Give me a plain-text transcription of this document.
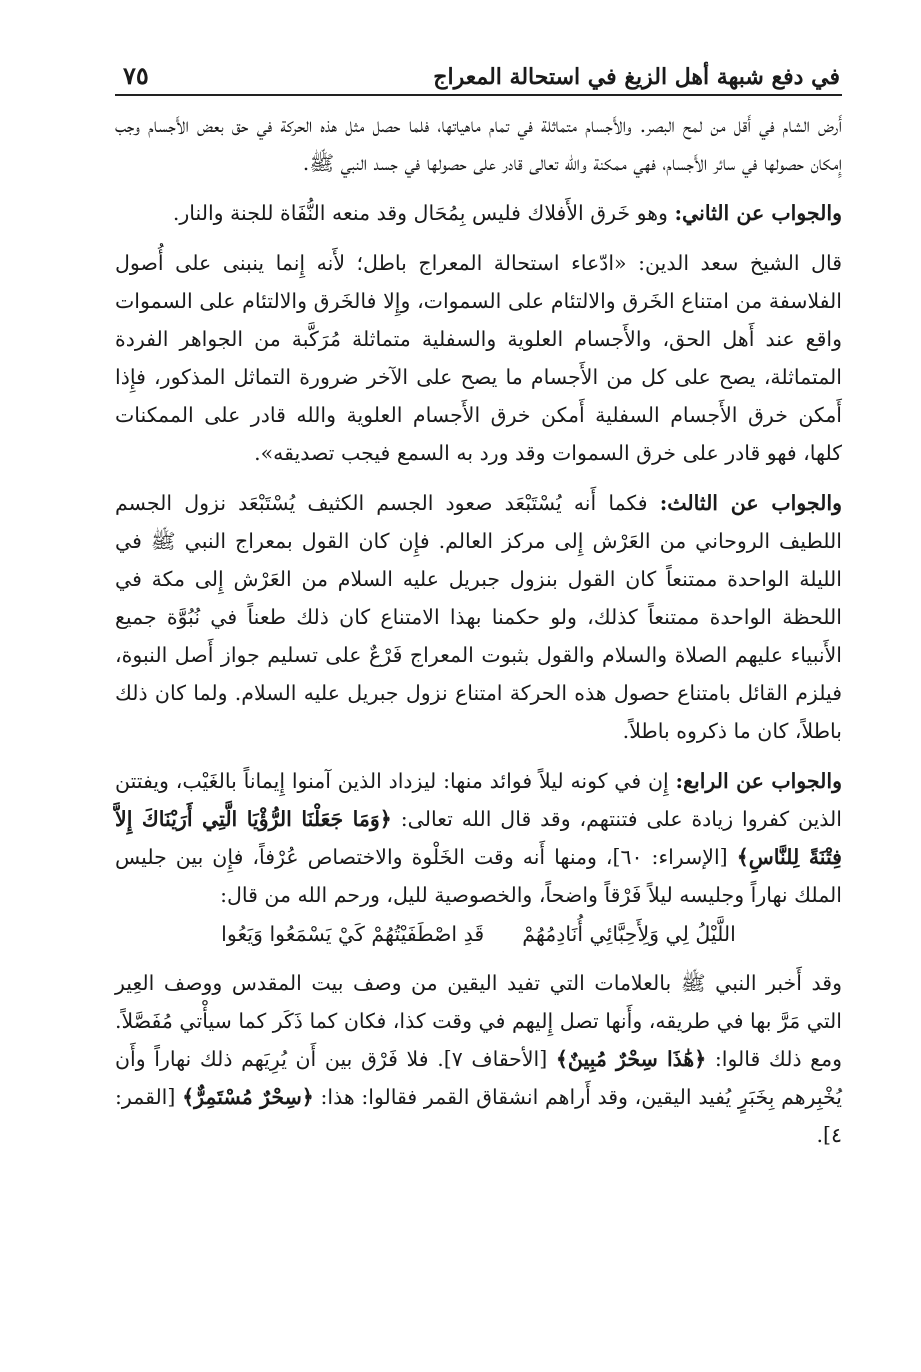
في دفع شبهة أهل الزيغ في استحالة المعراج
٧٥

أَرض الشام في أَقل من لمح البصر. والأَجسام متماثلة في تمام ماهياتها، فلما حصل مثل هذه الحركة في حق بعض الأَجسام وجب إِمكان حصولها في سائر الأَجسام، فهي ممكنة والله تعالى قادر على حصولها في جسد النبي ﷺ.

والجواب عن الثاني: وهو خَرق الأَفلاك فليس بِمُحَال وقد منعه النُّفَاة للجنة والنار.

قال الشيخ سعد الدين: «ادّعاء استحالة المعراج باطل؛ لأَنه إِنما ينبنى على أُصول الفلاسفة من امتناع الخَرق والالتئام على السموات، وإِلا فالخَرق والالتئام على السموات واقع عند أَهل الحق، والأَجسام العلوية والسفلية متماثلة مُرَكَّبة من الجواهر الفردة المتماثلة، يصح على كل من الأَجسام ما يصح على الآخر ضرورة التماثل المذكور، فإِذا أَمكن خرق الأَجسام السفلية أَمكن خرق الأَجسام العلوية والله قادر على الممكنات كلها، فهو قادر على خرق السموات وقد ورد به السمع فيجب تصديقه».

والجواب عن الثالث: فكما أَنه يُسْتَبْعَد صعود الجسم الكثيف يُسْتَبْعَد نزول الجسم اللطيف الروحاني من العَرْش إِلى مركز العالم. فإِن كان القول بمعراج النبي ﷺ في الليلة الواحدة ممتنعاً كان القول بنزول جبريل عليه السلام من العَرْش إِلى مكة في اللحظة الواحدة ممتنعاً كذلك، ولو حكمنا بهذا الامتناع كان ذلك طعناً في نُبُوَّة جميع الأَنبياء عليهم الصلاة والسلام والقول بثبوت المعراج فَرْعٌ على تسليم جواز أَصل النبوة، فيلزم القائل بامتناع حصول هذه الحركة امتناع نزول جبريل عليه السلام. ولما كان ذلك باطلاً، كان ما ذكروه باطلاً.

والجواب عن الرابع: إِن في كونه ليلاً فوائد منها: ليزداد الذين آمنوا إِيماناً بالغَيْب، ويفتتن الذين كفروا زيادة على فتنتهم، وقد قال الله تعالى: ﴿وَمَا جَعَلْنَا الرُّؤْيَا الَّتِي أَرَيْنَاكَ إِلاَّ فِتْنَةً لِلنَّاسِ﴾ [الإسراء: ٦٠]، ومنها أَنه وقت الخَلْوة والاختصاص عُرْفاً، فإِن بين جليس الملك نهاراً وجليسه ليلاً فَرْقاً واضحاً، والخصوصية لليل، ورحم الله من قال:

اللَّيْلُ لِي وَلِأَحِبَّائِي أُنَادِمُهُمْ
قَدِ اصْطَفَيْتُهُمْ كَيْ يَسْمَعُوا وَيَعُوا

وقد أَخبر النبي ﷺ بالعلامات التي تفيد اليقين من وصف بيت المقدس ووصف العِير التي مَرَّ بها في طريقه، وأَنها تصل إِليهم في وقت كذا، فكان كما ذَكَر كما سيأْتي مُفَصَّلاً. ومع ذلك قالوا: ﴿هَٰذَا سِحْرٌ مُبِينٌ﴾ [الأحقاف ٧]. فلا فَرْق بين أَن يُرِيَهم ذلك نهاراً وأَن يُخْبِرهم بِخَبَرٍ يُفيد اليقين، وقد أَراهم انشقاق القمر فقالوا: هذا: ﴿سِحْرٌ مُسْتَمِرٌّ﴾ [القمر: ٤].
